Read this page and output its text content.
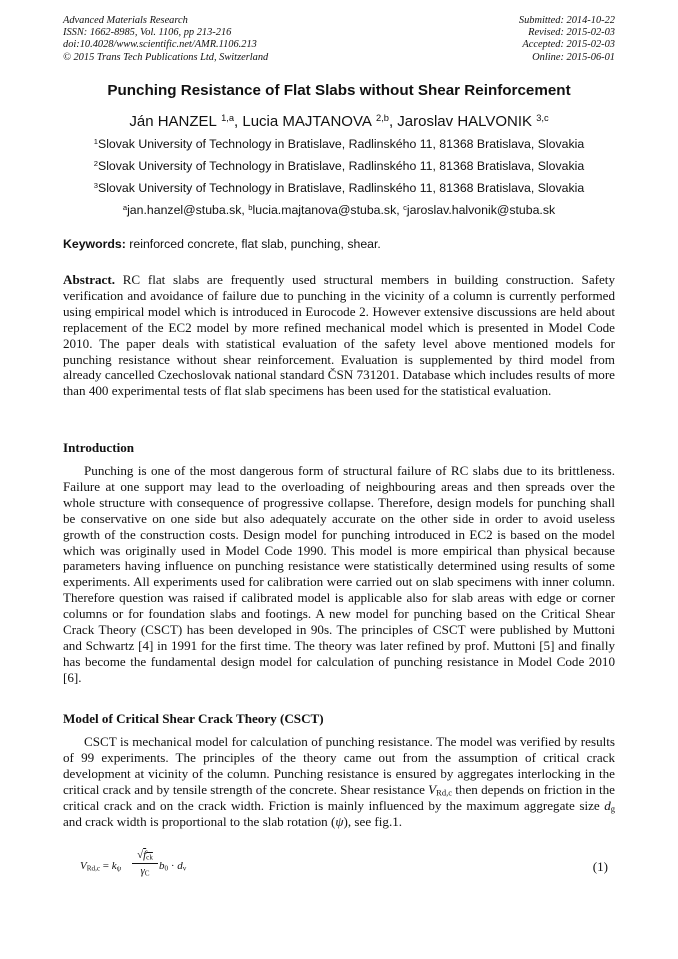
Advanced Materials Research
ISSN: 1662-8985, Vol. 1106, pp 213-216
doi:10.4028/www.scientific.net/AMR.1106.213
© 2015 Trans Tech Publications Ltd, Switzerland
Submitted: 2014-10-22
Revised: 2015-02-03
Accepted: 2015-02-03
Online: 2015-06-01
Punching Resistance of Flat Slabs without Shear Reinforcement
Ján HANZEL $^{1,a}$, Lucia MAJTANOVA $^{2,b}$, Jaroslav HALVONIK $^{3,c}$
$^1$Slovak University of Technology in Bratislave, Radlinského 11, 81368 Bratislava, Slovakia
$^2$Slovak University of Technology in Bratislave, Radlinského 11, 81368 Bratislava, Slovakia
$^3$Slovak University of Technology in Bratislave, Radlinského 11, 81368 Bratislava, Slovakia
$^a$jan.hanzel@stuba.sk, $^b$lucia.majtanova@stuba.sk, $^c$jaroslav.halvonik@stuba.sk
Keywords: reinforced concrete, flat slab, punching, shear.
Abstract. RC flat slabs are frequently used structural members in building construction. Safety verification and avoidance of failure due to punching in the vicinity of a column is currently performed using empirical model which is introduced in Eurocode 2. However extensive discussions are held about replacement of the EC2 model by more refined mechanical model which is presented in Model Code 2010. The paper deals with statistical evaluation of the safety level above mentioned models for punching resistance without shear reinforcement. Evaluation is supplemented by third model from already cancelled Czechoslovak national standard ČSN 731201. Database which includes results of more than 400 experimental tests of flat slab specimens has been used for the statistical evaluation.
Introduction
Punching is one of the most dangerous form of structural failure of RC slabs due to its brittleness. Failure at one support may lead to the overloading of neighbouring areas and then spreads over the whole structure with consequence of progressive collapse. Therefore, design models for punching shall be conservative on one side but also adequately accurate on the other side in order to avoid useless growth of the construction costs. Design model for punching introduced in EC2 is based on the model which was originally used in Model Code 1990. This model is more empirical than physical because parameters having influence on punching resistance were statistically determined using results of some experiments. All experiments used for calibration were carried out on slab specimens with inner column. Therefore question was raised if calibrated model is applicable also for slab areas with edge or corner columns or for foundation slabs and footings. A new model for punching based on the Critical Shear Crack Theory (CSCT) has been developed in 90s. The principles of CSCT were published by Muttoni and Schwartz [4] in 1991 for the first time. The theory was later refined by prof. Muttoni [5] and finally has become the fundamental design model for calculation of punching resistance in Model Code 2010 [6].
Model of Critical Shear Crack Theory (CSCT)
CSCT is mechanical model for calculation of punching resistance. The model was verified by results of 99 experiments. The principles of the theory came out from the assumption of critical crack development at vicinity of the column. Punching resistance is ensured by aggregates interlocking in the critical crack and by tensile strength of the concrete. Shear resistance $V_{Rd,c}$ then depends on friction in the critical crack and on the crack width. Friction is mainly influenced by the maximum aggregate size $d_g$ and crack width is proportional to the slab rotation (ψ), see fig.1.
$V_{Rd,c} = k_\psi$
$√f_{ck}$
$\gamma_C$
$b_0 \cdot d_v$	(1)
